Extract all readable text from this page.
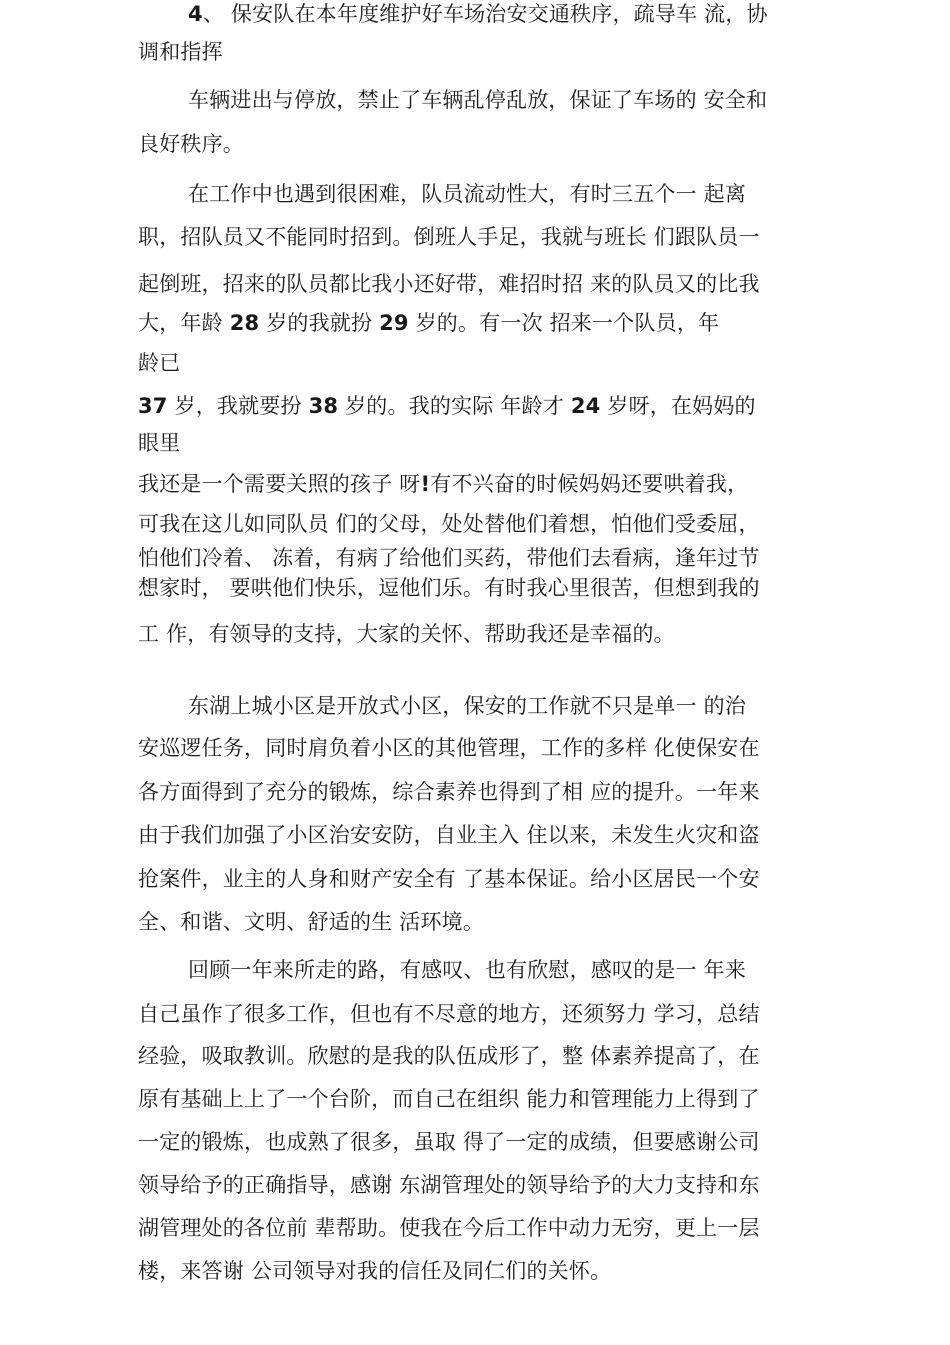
4、 保安队在本年度维护好车场治安交通秩序，疏导车 流，协
调和指挥
车辆进出与停放，禁止了车辆乱停乱放，保证了车场的 安全和
良好秩序。
在工作中也遇到很困难，队员流动性大，有时三五个一 起离
职，招队员又不能同时招到。倒班人手足，我就与班长 们跟队员一
起倒班，招来的队员都比我小还好带，难招时招 来的队员又的比我
大，年龄 28 岁的我就扮 29 岁的。有一次 招来一个队员，年
龄已
37 岁，我就要扮 38 岁的。我的实际 年龄才 24 岁呀，在妈妈的
眼里
我还是一个需要关照的孩子 呀!有不兴奋的时候妈妈还要哄着我，
可我在这儿如同队员 们的父母，处处替他们着想，怕他们受委屈，
怕他们冷着、 冻着，有病了给他们买药，带他们去看病，逢年过节
想家时， 要哄他们快乐，逗他们乐。有时我心里很苦，但想到我的
工 作，有领导的支持，大家的关怀、帮助我还是幸福的。
东湖上城小区是开放式小区，保安的工作就不只是单一 的治
安巡逻任务，同时肩负着小区的其他管理，工作的多样 化使保安在
各方面得到了充分的锻炼，综合素养也得到了相 应的提升。一年来
由于我们加强了小区治安安防，自业主入 住以来，未发生火灾和盗
抢案件，业主的人身和财产安全有 了基本保证。给小区居民一个安
全、和谐、文明、舒适的生 活环境。
回顾一年来所走的路，有感叹、也有欣慰，感叹的是一 年来
自己虽作了很多工作，但也有不尽意的地方，还须努力 学习，总结
经验，吸取教训。欣慰的是我的队伍成形了，整 体素养提高了，在
原有基础上上了一个台阶，而自己在组织 能力和管理能力上得到了
一定的锻炼，也成熟了很多，虽取 得了一定的成绩，但要感谢公司
领导给予的正确指导，感谢 东湖管理处的领导给予的大力支持和东
湖管理处的各位前 辈帮助。使我在今后工作中动力无穷，更上一层
楼，来答谢 公司领导对我的信任及同仁们的关怀。
